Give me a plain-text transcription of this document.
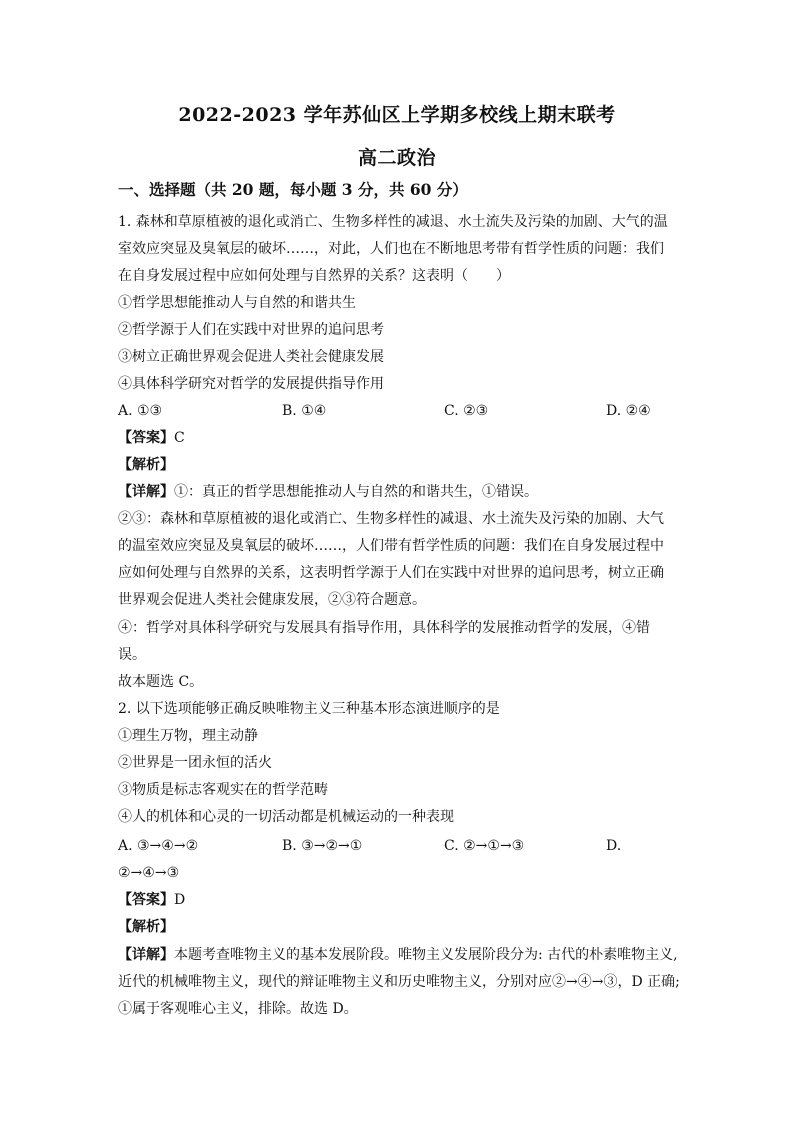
2022-2023 学年苏仙区上学期多校线上期末联考
高二政治
一、选择题（共 20 题，每小题 3 分，共 60 分）
1. 森林和草原植被的退化或消亡、生物多样性的减退、水土流失及污染的加剧、大气的温
室效应突显及臭氧层的破坏……，对此，人们也在不断地思考带有哲学性质的问题：我们
在自身发展过程中应如何处理与自然界的关系？这表明（　　）
①哲学思想能推动人与自然的和谐共生
②哲学源于人们在实践中对世界的追问思考
③树立正确世界观会促进人类社会健康发展
④具体科学研究对哲学的发展提供指导作用
A. ①③	B. ①④	C. ②③	D. ②④
【答案】C
【解析】
【详解】①：真正的哲学思想能推动人与自然的和谐共生，①错误。
②③：森林和草原植被的退化或消亡、生物多样性的减退、水土流失及污染的加剧、大气
的温室效应突显及臭氧层的破坏……，人们带有哲学性质的问题：我们在自身发展过程中
应如何处理与自然界的关系，这表明哲学源于人们在实践中对世界的追问思考，树立正确
世界观会促进人类社会健康发展，②③符合题意。
④：哲学对具体科学研究与发展具有指导作用，具体科学的发展推动哲学的发展，④错
误。
故本题选 C。
2. 以下选项能够正确反映唯物主义三种基本形态演进顺序的是
①理生万物，理主动静
②世界是一团永恒的活火
③物质是标志客观实在的哲学范畴
④人的机体和心灵的一切活动都是机械运动的一种表现
A. ③→④→②	B. ③→②→①	C. ②→①→③	D.
②→④→③
【答案】D
【解析】
【详解】本题考查唯物主义的基本发展阶段。唯物主义发展阶段分为: 古代的朴素唯物主义,
近代的机械唯物主义，现代的辩证唯物主义和历史唯物主义，分别对应②→④→③，D 正确;
①属于客观唯心主义，排除。故选 D。
